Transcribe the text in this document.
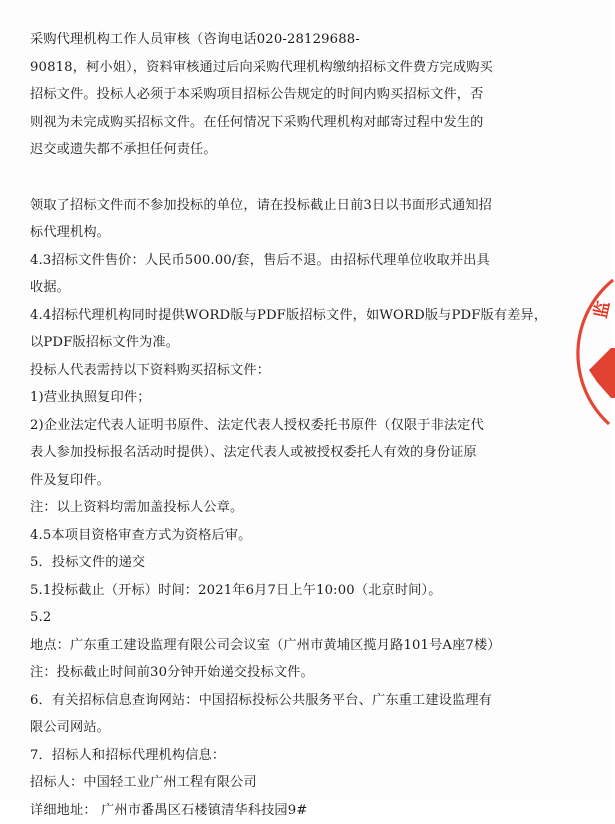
采购代理机构工作人员审核（咨询电话020-28129688-
90818，柯小姐），资料审核通过后向采购代理机构缴纳招标文件费方完成购买
招标文件。投标人必须于本采购项目招标公告规定的时间内购买招标文件，否
则视为未完成购买招标文件。在任何情况下采购代理机构对邮寄过程中发生的
迟交或遗失都不承担任何责任。
领取了招标文件而不参加投标的单位，请在投标截止日前3日以书面形式通知招
标代理机构。
4.3招标文件售价：人民币500.00/套，售后不退。由招标代理单位收取并出具
收据。
4.4招标代理机构同时提供WORD版与PDF版招标文件，如WORD版与PDF版有差异，
以PDF版招标文件为准。
投标人代表需持以下资料购买招标文件：
1)营业执照复印件；
2)企业法定代表人证明书原件、法定代表人授权委托书原件（仅限于非法定代
表人参加投标报名活动时提供）、法定代表人或被授权委托人有效的身份证原
件及复印件。
注：以上资料均需加盖投标人公章。
4.5本项目资格审查方式为资格后审。
5．投标文件的递交
5.1投标截止（开标）时间：2021年6月7日上午10:00（北京时间）。
5.2
地点：广东重工建设监理有限公司会议室（广州市黄埔区揽月路101号A座7楼）
注：投标截止时间前30分钟开始递交投标文件。
6．有关招标信息查询网站：中国招标投标公共服务平台、广东重工建设监理有
限公司网站。
7．招标人和招标代理机构信息：
招标人：中国轻工业广州工程有限公司
详细地址： 广州市番禺区石楼镇清华科技园9#
监
